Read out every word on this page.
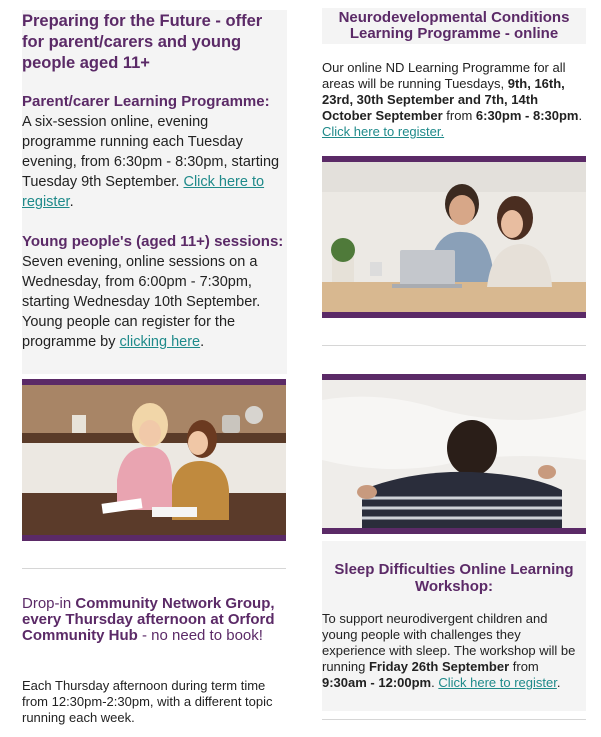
Preparing for the Future - offer for parent/carers and young people aged 11+
Parent/carer Learning Programme:
A six-session online, evening programme running each Tuesday evening, from 6:30pm - 8:30pm, starting Tuesday 9th September. Click here to register.
Young people's (aged 11+) sessions:
Seven evening, online sessions on a Wednesday, from 6:00pm - 7:30pm, starting Wednesday 10th September. Young people can register for the programme by clicking here.
Drop-in Community Network Group, every Thursday afternoon at Orford Community Hub - no need to book!
Each Thursday afternoon during term time from 12:30pm-2:30pm, with a different topic running each week.
Neurodevelopmental Conditions Learning Programme - online
Our online ND Learning Programme for all areas will be running Tuesdays, 9th, 16th, 23rd, 30th September and 7th, 14th October September from 6:30pm - 8:30pm. Click here to register.
Sleep Difficulties Online Learning Workshop:
To support neurodivergent children and young people with challenges they experience with sleep. The workshop will be running Friday 26th September from 9:30am - 12:00pm. Click here to register.
